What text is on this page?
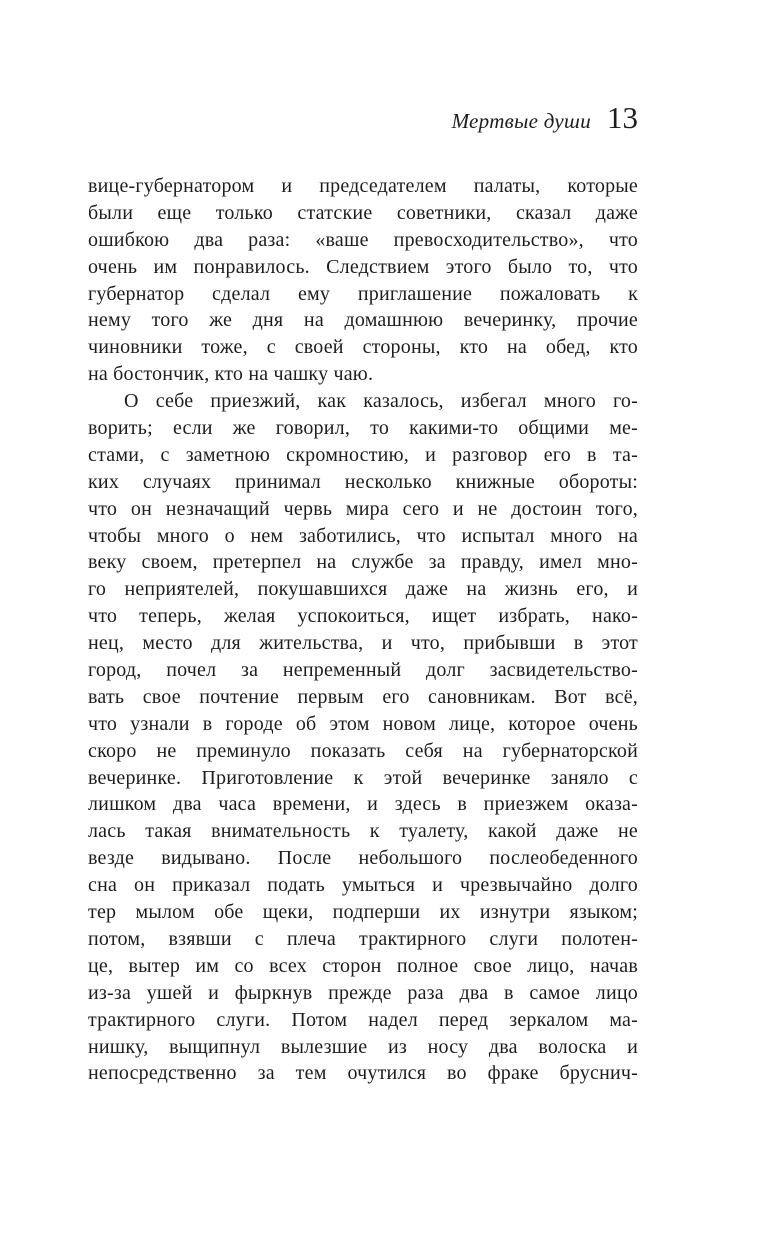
Мертвые души 13
вице-губернатором и председателем палаты, которые
были еще только статские советники, сказал даже
ошибкою два раза: «ваше превосходительство», что
очень им понравилось. Следствием этого было то, что
губернатор сделал ему приглашение пожаловать к
нему того же дня на домашнюю вечеринку, прочие
чиновники тоже, с своей стороны, кто на обед, кто
на бостончик, кто на чашку чаю.
О себе приезжий, как казалось, избегал много го-
ворить; если же говорил, то какими-то общими ме-
стами, с заметною скромностию, и разговор его в та-
ких случаях принимал несколько книжные обороты:
что он незначащий червь мира сего и не достоин того,
чтобы много о нем заботились, что испытал много на
веку своем, претерпел на службе за правду, имел мно-
го неприятелей, покушавшихся даже на жизнь его, и
что теперь, желая успокоиться, ищет избрать, нако-
нец, место для жительства, и что, прибывши в этот
город, почел за непременный долг засвидетельство-
вать свое почтение первым его сановникам. Вот всё,
что узнали в городе об этом новом лице, которое очень
скоро не преминуло показать себя на губернаторской
вечеринке. Приготовление к этой вечеринке заняло с
лишком два часа времени, и здесь в приезжем оказа-
лась такая внимательность к туалету, какой даже не
везде видывано. После небольшого послеобеденного
сна он приказал подать умыться и чрезвычайно долго
тер мылом обе щеки, подперши их изнутри языком;
потом, взявши с плеча трактирного слуги полотен-
це, вытер им со всех сторон полное свое лицо, начав
из-за ушей и фыркнув прежде раза два в самое лицо
трактирного слуги. Потом надел перед зеркалом ма-
нишку, выщипнул вылезшие из носу два волоска и
непосредственно за тем очутился во фраке бруснич-
